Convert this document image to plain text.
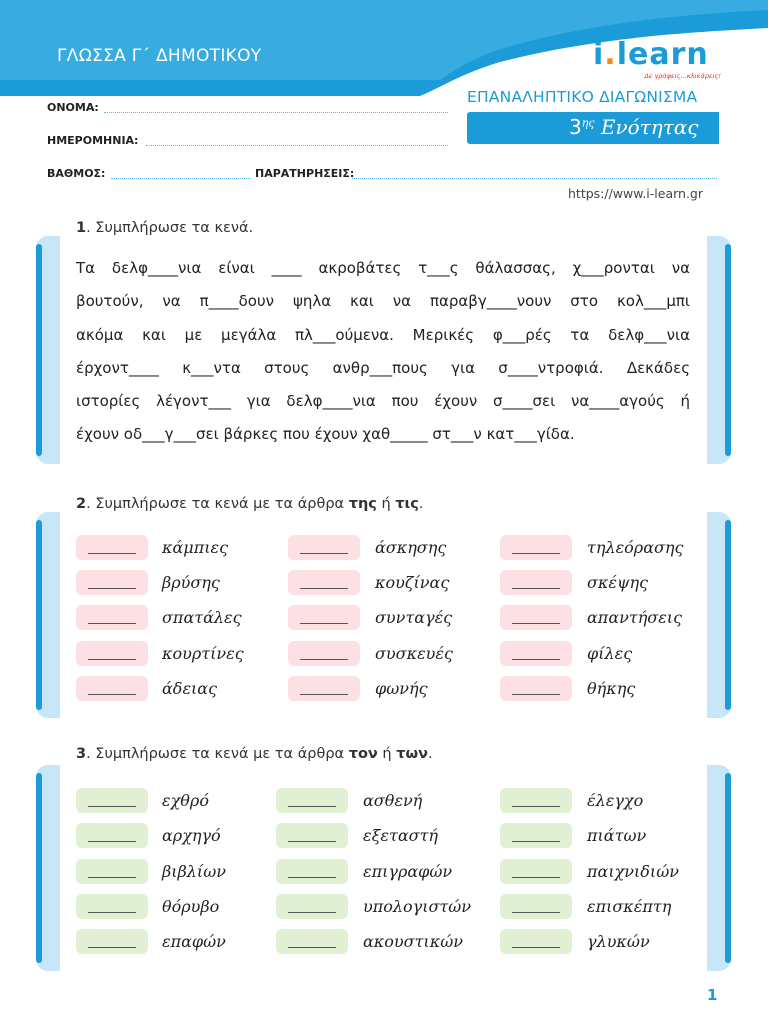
ΓΛΩΣΣΑ Γ΄ ΔΗΜΟΤΙΚΟΥ	i.learn
Δε γράφεις...κλικάρεις!
ΕΠΑΝΑΛΗΠΤΙΚΟ ΔΙΑΓΩΝΙΣΜΑ
$3^{\eta\varsigma}$ Ενότητας
ΟΝΟΜΑ:
ΗΜΕΡΟΜΗΝΙΑ:
ΒΑΘΜΟΣ:	ΠΑΡΑΤΗΡΗΣΕΙΣ:
https://www.i-learn.gr
1. Συμπλήρωσε τα κενά.
Τα δελφ____νια είναι ____ ακροβάτες τ___ς θάλασσας, χ___ρονται να
βουτούν, να π____δουν ψηλα και να παραβγ____νουν στο κολ___μπι
ακόμα και με μεγάλα πλ___ούμενα. Μερικές φ___ρές τα δελφ___νια
έρχοντ____ κ___ντα στους ανθρ___πους για σ____ντροφιά. Δεκάδες
ιστορίες λέγοντ___ για δελφ____νια που έχουν σ____σει να____αγούς ή
έχουν οδ___γ___σει βάρκες που έχουν χαθ_____ στ___ν κατ___γίδα.
2. Συμπλήρωσε τα κενά με τα άρθρα της ή τις.
κάμπιες
βρύσης
σπατάλες
κουρτίνες
άδειας
άσκησης
κουζίνας
συνταγές
συσκευές
φωνής
τηλεόρασης
σκέψης
απαντήσεις
φίλες
θήκης
3. Συμπλήρωσε τα κενά με τα άρθρα τον ή των.
εχθρό
αρχηγό
βιβλίων
θόρυβο
επαφών
ασθενή
εξεταστή
επιγραφών
υπολογιστών
ακουστικών
έλεγχο
πιάτων
παιχνιδιών
επισκέπτη
γλυκών
1
